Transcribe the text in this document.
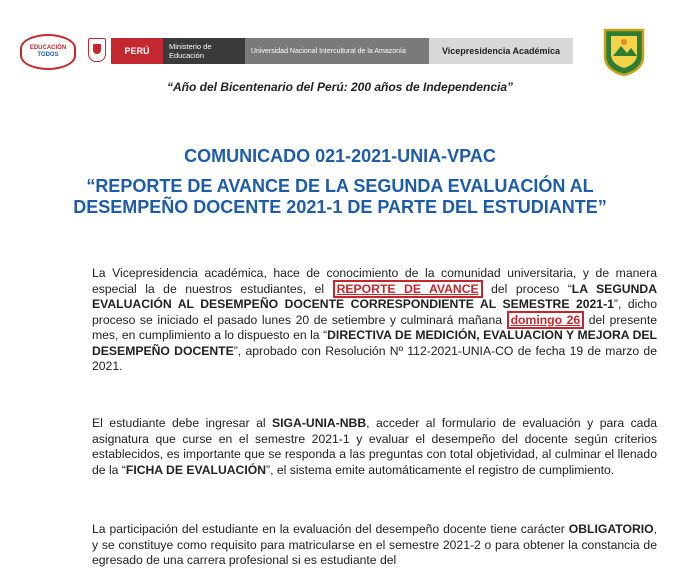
EDUCACIÓN
TODOS	PERÚ	Ministerio de Educación	Universidad Nacional Intercultural de la Amazonía	Vicepresidencia Académica
“Año del Bicentenario del Perú: 200 años de Independencia”
COMUNICADO 021-2021-UNIA-VPAC
“REPORTE DE AVANCE DE LA SEGUNDA EVALUACIÓN AL DESEMPEÑO DOCENTE 2021-1 DE PARTE DEL ESTUDIANTE”
La Vicepresidencia académica, hace de conocimiento de la comunidad universitaria, y de manera especial la de nuestros estudiantes, el REPORTE DE AVANCE del proceso “LA SEGUNDA EVALUACIÓN AL DESEMPEÑO DOCENTE CORRESPONDIENTE AL SEMESTRE 2021-1”, dicho proceso se iniciado el pasado lunes 20 de setiembre y culminará mañana domingo 26 del presente mes, en cumplimiento a lo dispuesto en la “DIRECTIVA DE MEDICIÓN, EVALUACION Y MEJORA DEL DESEMPEÑO DOCENTE”, aprobado con Resolución Nº 112-2021-UNIA-CO de fecha 19 de marzo de 2021.
El estudiante debe ingresar al SIGA-UNIA-NBB, acceder al formulario de evaluación y para cada asignatura que curse en el semestre 2021-1 y evaluar el desempeño del docente según criterios establecidos, es importante que se responda a las preguntas con total objetividad, al culminar el llenado de la “FICHA DE EVALUACIÓN”, el sistema emite automáticamente el registro de cumplimiento.
La participación del estudiante en la evaluación del desempeño docente tiene carácter OBLIGATORIO, y se constituye como requisito para matricularse en el semestre 2021-2 o para obtener la constancia de egresado de una carrera profesional si es estudiante del
